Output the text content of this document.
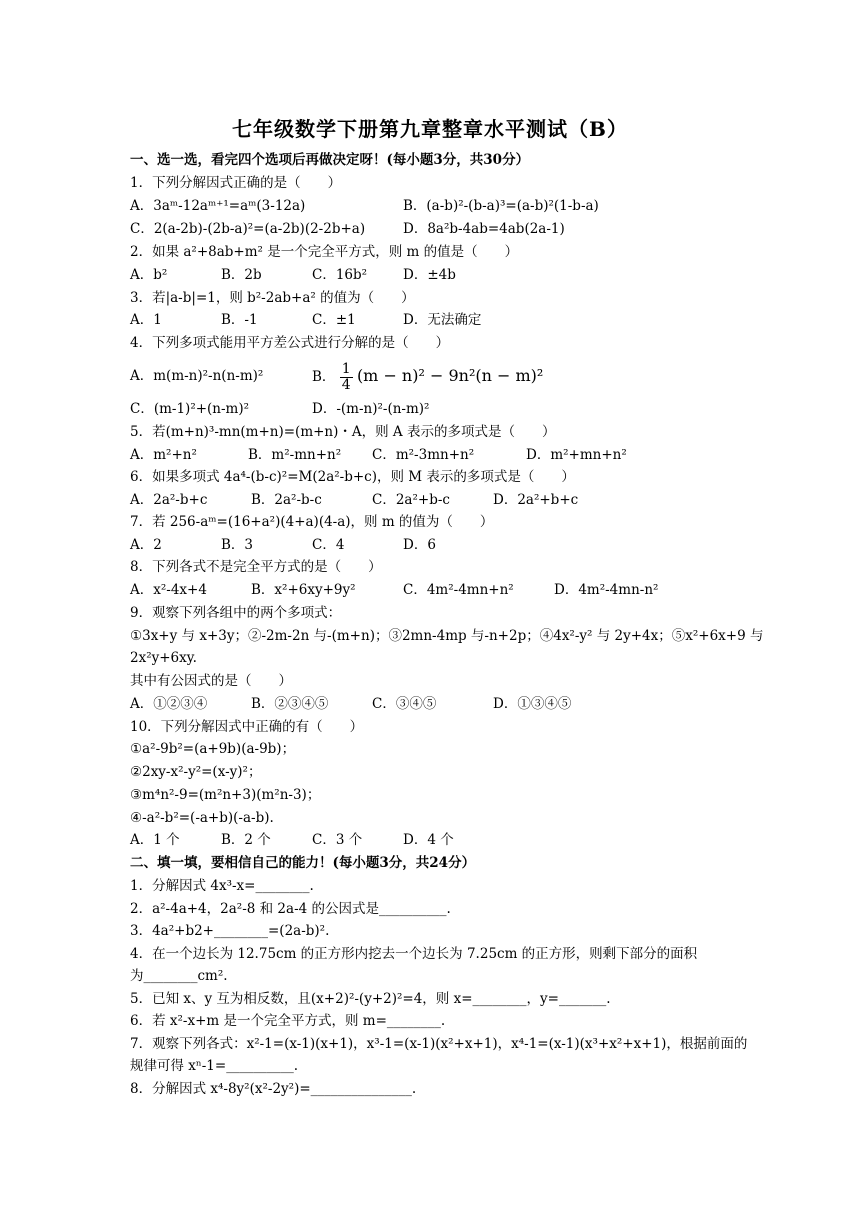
七年级数学下册第九章整章水平测试（B）
一、选一选，看完四个选项后再做决定呀！(每小题3分，共30分）
1．下列分解因式正确的是（　　）
A．3aᵐ-12aᵐ⁺¹=aᵐ(3-12a)	B．(a-b)²-(b-a)³=(a-b)²(1-b-a)
C．2(a-2b)-(2b-a)²=(a-2b)(2-2b+a)	D．8a²b-4ab=4ab(2a-1)
2．如果 a²+8ab+m² 是一个完全平方式，则 m 的值是（　　）
A．b²	B．2b	C．16b²	D．±4b
3．若|a-b|=1，则 b²-2ab+a² 的值为（　　）
A．1	B．-1	C．±1	D．无法确定
4．下列多项式能用平方差公式进行分解的是（　　）
A．m(m-n)²-n(n-m)²	B． $\frac{1}{4} (m - n)^2 - 9n^2(n - m)^2$
C．(m-1)²+(n-m)²	D．-(m-n)²-(n-m)²
5．若(m+n)³-mn(m+n)=(m+n)・A，则 A 表示的多项式是（　　）
A．m²+n²	B．m²-mn+n² C．m²-3mn+n²	D．m²+mn+n²
6．如果多项式 4a⁴-(b-c)²=M(2a²-b+c)，则 M 表示的多项式是（　　）
A．2a²-b+c	B．2a²-b-c	C．2a²+b-c	D．2a²+b+c
7．若 256-aᵐ=(16+a²)(4+a)(4-a)，则 m 的值为（　　）
A．2	B．3	C．4	D．6
8．下列各式不是完全平方式的是（　　）
A．x²-4x+4	B．x²+6xy+9y²	C．4m²-4mn+n²	D．4m²-4mn-n²
9．观察下列各组中的两个多项式：
①3x+y 与 x+3y；②-2m-2n 与-(m+n)；③2mn-4mp 与-n+2p；④4x²-y² 与 2y+4x；⑤x²+6x+9 与
2x²y+6xy.
其中有公因式的是（　　）
A．①②③④	B．②③④⑤	C．③④⑤	D．①③④⑤
10．下列分解因式中正确的有（　　）
①a²-9b²=(a+9b)(a-9b)；
②2xy-x²-y²=(x-y)²；
③m⁴n²-9=(m²n+3)(m²n-3)；
④-a²-b²=(-a+b)(-a-b).
A．1 个	B．2 个	C．3 个	D．4 个
二、填一填，要相信自己的能力！(每小题3分，共24分）
1．分解因式 4x³-x=________.
2．a²-4a+4，2a²-8 和 2a-4 的公因式是__________.
3．4a²+b2+________=(2a-b)².
4．在一个边长为 12.75cm 的正方形内挖去一个边长为 7.25cm 的正方形，则剩下部分的面积
为________cm².
5．已知 x、y 互为相反数，且(x+2)²-(y+2)²=4，则 x=________，y=_______.
6．若 x²-x+m 是一个完全平方式，则 m=________.
7．观察下列各式：x²-1=(x-1)(x+1)，x³-1=(x-1)(x²+x+1)，x⁴-1=(x-1)(x³+x²+x+1)，根据前面的
规律可得 xⁿ-1=__________.
8．分解因式 x⁴-8y²(x²-2y²)=_______________.
